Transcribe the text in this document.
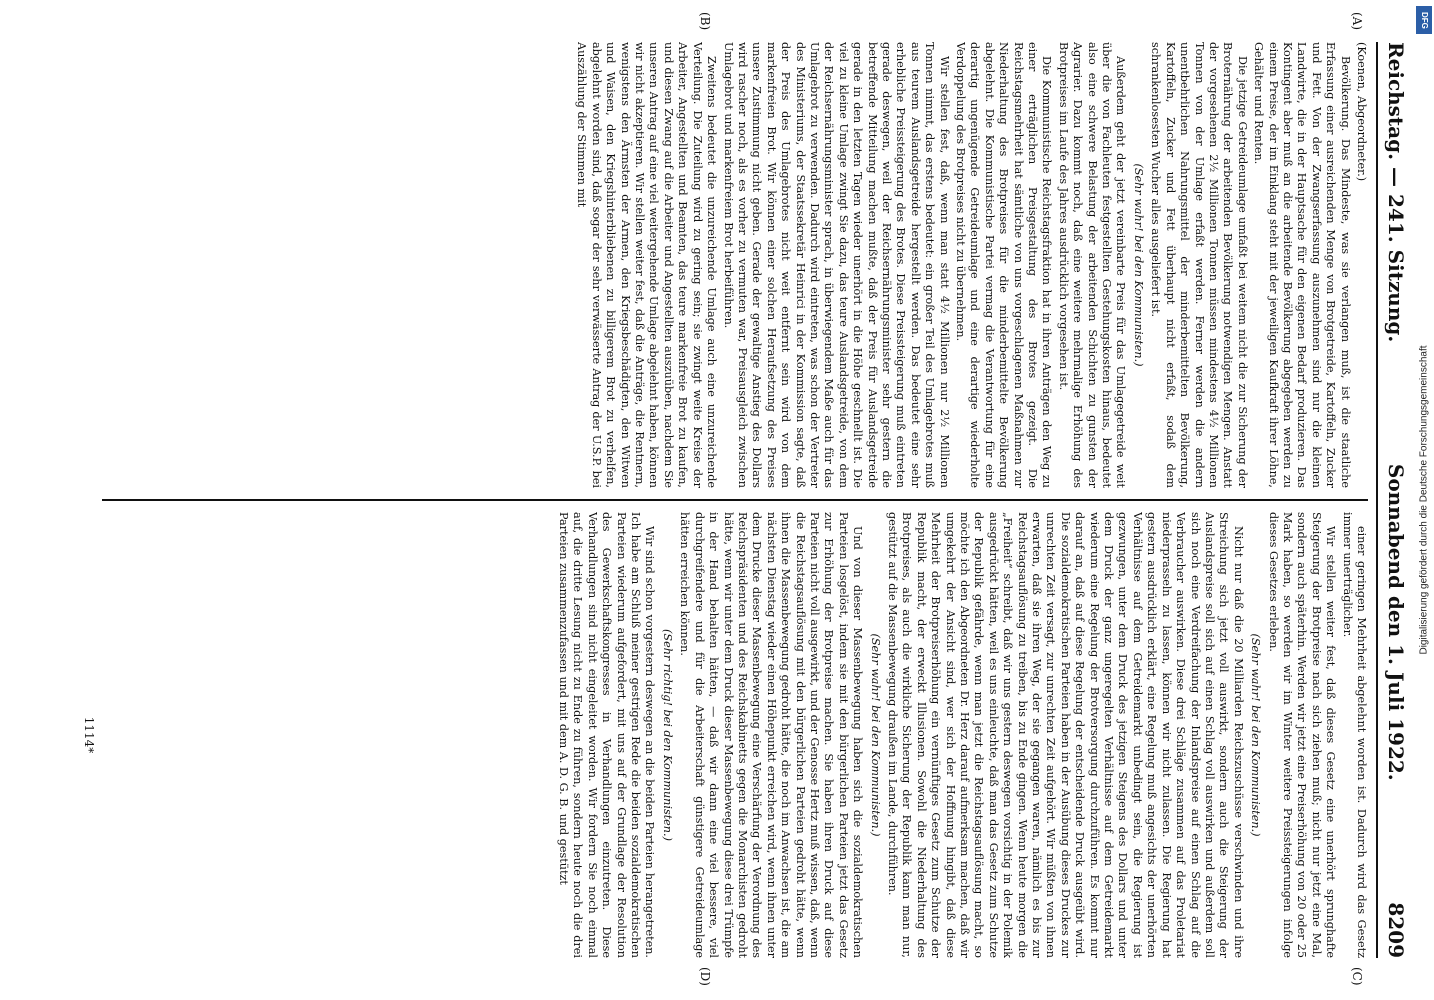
Reichstag. — 241. Sitzung.
Sonnabend den 1. Juli 1922.
8209

(Koenen, Abgeordneter.)

Bevölkerung. Das Mindeste, was sie verlangen muß, ist die staatliche Erfassung einer ausreichenden Menge von Brotgetreide, Kartoffeln, Zucker und Fett. Von der Zwangserfassung auszunehmen sind nur die kleinen Landwirte, die in der Hauptsache für den eigenen Bedarf produzieren. Das Kontingent aber muß an die arbeitende Bevölkerung abgegeben werden zu einem Preise, der im Einklang steht mit der jeweiligen Kaufkraft ihrer Löhne, Gehälter und Renten.

Die jetzige Getreideumlage umfaßt bei weitem nicht die zur Sicherung der Broternährung der arbeitenden Bevölkerung notwendigen Mengen. Anstatt der vorgesehenen 2½ Millionen Tonnen müssen mindestens 4½ Millionen Tonnen von der Umlage erfaßt werden. Ferner werden die andern unentbehrlichen Nahrungsmittel der minderbemittelten Bevölkerung, Kartoffeln, Zucker und Fett überhaupt nicht erfaßt, sodaß dem schrankenlosesten Wucher alles ausgeliefert ist.

(Sehr wahr! bei den Kommunisten.)

Außerdem geht der jetzt vereinbarte Preis für das Umlagegetreide weit über die von Fachleuten festgestellten Gestehungskosten hinaus, bedeutet also eine schwere Belastung der arbeitenden Schichten zu gunsten der Agrarier. Dazu kommt noch, daß eine weitere mehrmalige Erhöhung des Brotpreises im Laufe des Jahres ausdrücklich vorgesehen ist.

Die Kommunistische Reichstagsfraktion hat in ihren Anträgen den Weg zu einer erträglichen Preisgestaltung des Brotes gezeigt. Die Reichstagsmehrheit hat sämtliche von uns vorgeschlagenen Maßnahmen zur Niederhaltung des Brotpreises für die minderbemittelte Bevölkerung abgelehnt. Die Kommunistische Partei vermag die Verantwortung für eine derartig ungenügende Getreideumlage und eine derartige wiederholte Verdoppelung des Brotpreises nicht zu übernehmen.

Wir stellen fest, daß, wenn man statt 4½ Millionen nur 2½ Millionen Tonnen nimmt, das erstens bedeutet: ein großer Teil des Umlagebrotes muß aus teurem Auslandsgetreide hergestellt werden. Das bedeutet eine sehr erhebliche Preissteigerung des Brotes. Diese Preissteigerung muß eintreten gerade deswegen, weil der Reichsernährungsminister sehr gestern die betreffende Mitteilung machen mußte, daß der Preis für Auslandsgetreide gerade in den letzten Tagen wieder unerhört in die Höhe geschnellt ist. Die viel zu kleine Umlage zwingt Sie dazu, das teure Auslandsgetreide, von dem der Reichsernährungsminister sprach, in überwiegendem Maße auch für das Umlagebrot zu verwenden. Dadurch wird eintreten, was schon der Vertreter des Ministeriums, der Staatssekretär Heinrici in der Kommission sagte, daß der Preis des Umlagebrotes nicht weit entfernt sein wird von dem markenfreien Brot. Wir können einer solchen Heraufsetzung des Preises unsere Zustimmung nicht geben. Gerade der gewaltige Anstieg des Dollars wird rascher noch, als es vorher zu vermuten war, Preisausgleich zwischen Umlagebrot und markenfreiem Brot herbeiführen.

Zweitens bedeutet die unzureichende Umlage auch eine unzureichende Verteilung. Die Zuteilung wird zu gering sein; sie zwingt weite Kreise der Arbeiter, Angestellten und Beamten, das teure markenfreie Brot zu kaufen, und diesen Zwang auf die Arbeiter und Angestellten auszuüben, nachdem Sie unseren Antrag auf eine viel weitergehende Umlage abgelehnt haben, können wir nicht akzeptieren. Wir stellen weiter fest, daß die Anträge, die Rentnern, wenigstens den Ärmsten der Armen, den Kriegsbeschädigten, den Witwen und Waisen, den Kriegshinterbliebenen zu billigerem Brot zu verhelfen, abgelehnt worden sind, daß sogar der sehr verwässerte Antrag der U.S.P. bei Auszählung der Stimmen mit

einer geringen Mehrheit abgelehnt worden ist. Dadurch wird das Gesetz immer unerträglicher.

Wir stellen weiter fest, daß dieses Gesetz eine unerhört sprunghafte Steigerung der Brotpreise nach sich ziehen muß; nicht nur jetzt eine Mal, sondern auch späterhin. Werden wir jetzt eine Preiserhöhung von 20 oder 25 Mark haben, so werden wir im Winter weitere Preissteigerungen infolge dieses Gesetzes erleben.

(Sehr wahr! bei den Kommunisten.)

Nicht nur daß die 20 Milliarden Reichszuschüsse verschwinden und ihre Streichung sich jetzt voll auswirkt, sondern auch die Steigerung der Auslandspreise soll sich auf einen Schlag voll auswirken und außerdem soll sich noch eine Verdreifachung der Inlandspreise auf einen Schlag auf die Verbraucher auswirken. Diese drei Schläge zusammen auf das Proletariat niederprasseln zu lassen, können wir nicht zulassen. Die Regierung hat gestern ausdrücklich erklärt, eine Regelung muß angesichts der unerhörten Verhältnisse auf dem Getreidemarkt unbedingt sein, die Regierung ist gezwungen, unter dem Druck des jetzigen Steigens des Dollars und unter dem Druck der ganz ungeregelten Verhältnisse auf dem Getreidemarkt wiederum eine Regelung der Brotversorgung durchzuführen. Es kommt nur darauf an, daß auf diese Regelung der entscheidende Druck ausgeübt wird. Die sozialdemokratischen Parteien haben in der Ausübung dieses Druckes zur unrechten Zeit versagt, zur unrechten Zeit aufgehört. Wir müßten von ihnen erwarten, daß sie ihren Weg, der sie gegangen waren, nämlich es bis zur Reichstagsauflösung zu treiben, bis zu Ende gingen. Wenn heute morgen die „Freiheit“ schreibt, daß wir uns gestern deswegen vorsichtig in der Polemik ausgedrückt hätten, weil es uns einleuchte, daß man das Gesetz zum Schutze der Republik gefährde, wenn man jetzt die Reichstagsauflösung macht, so möchte ich den Abgeordneten Dr. Herz darauf aufmerksam machen, daß wir umgekehrt der Ansicht sind, wer sich der Hoffnung hingibt, daß diese Mehrheit der Brotpreiserhöhung ein vernünftiges Gesetz zum Schutze der Republik macht, der erweckt Illusionen. Sowohl die Niederhaltung des Brotpreises, als auch die wirkliche Sicherung der Republik kann man nur, gestützt auf die Massenbewegung draußen im Lande, durchführen.

(Sehr wahr! bei den Kommunisten.)

Und von dieser Massenbewegung haben sich die sozialdemokratischen Parteien losgelöst, indem sie mit den bürgerlichen Parteien jetzt das Gesetz zur Erhöhung der Brotpreise machen. Sie haben ihren Druck auf diese Parteien nicht voll ausgewirkt, und der Genosse Hertz muß wissen, daß, wenn die Reichstagsauflösung mit den bürgerlichen Parteien gedroht hätte, wenn ihnen die Massenbewegung gedroht hätte, die noch im Anwachsen ist, die am nächsten Dienstag wieder einen Höhepunkt erreichen wird, wenn ihnen unter dem Drucke dieser Massenbewegung eine Verschärfung der Verordnung des Reichspräsidenten und des Reichskabinetts gegen die Monarchisten gedroht hätte, wenn wir unter dem Druck dieser Massenbewegung diese drei Trümpfe in der Hand behalten hätten, — daß wir dann eine viel bessere, viel durchgreifendere und für die Arbeiterschaft günstigere Getreideumlage hätten erreichen können.

(Sehr richtig! bei den Kommunisten.)

Wir sind schon vorgestern deswegen an die beiden Parteien herangetreten. Ich habe am Schluß meiner gestrigen Rede die beiden sozialdemokratischen Parteien wiederum aufgefordert, mit uns auf der Grundlage der Resolution des Gewerkschaftskongresses in Verhandlungen einzutreten. Diese Verhandlungen sind nicht eingeleitet worden. Wir fordern Sie noch einmal auf, die dritte Lesung nicht zu Ende zu führen, sondern heute noch die drei Parteien zusammenzufassen und mit dem A. D. G. B. und gestützt

(A)
(B)
(C)
(D)
1114*
DFG
Digitalisierung gefördert durch die Deutsche Forschungsgemeinschaft
